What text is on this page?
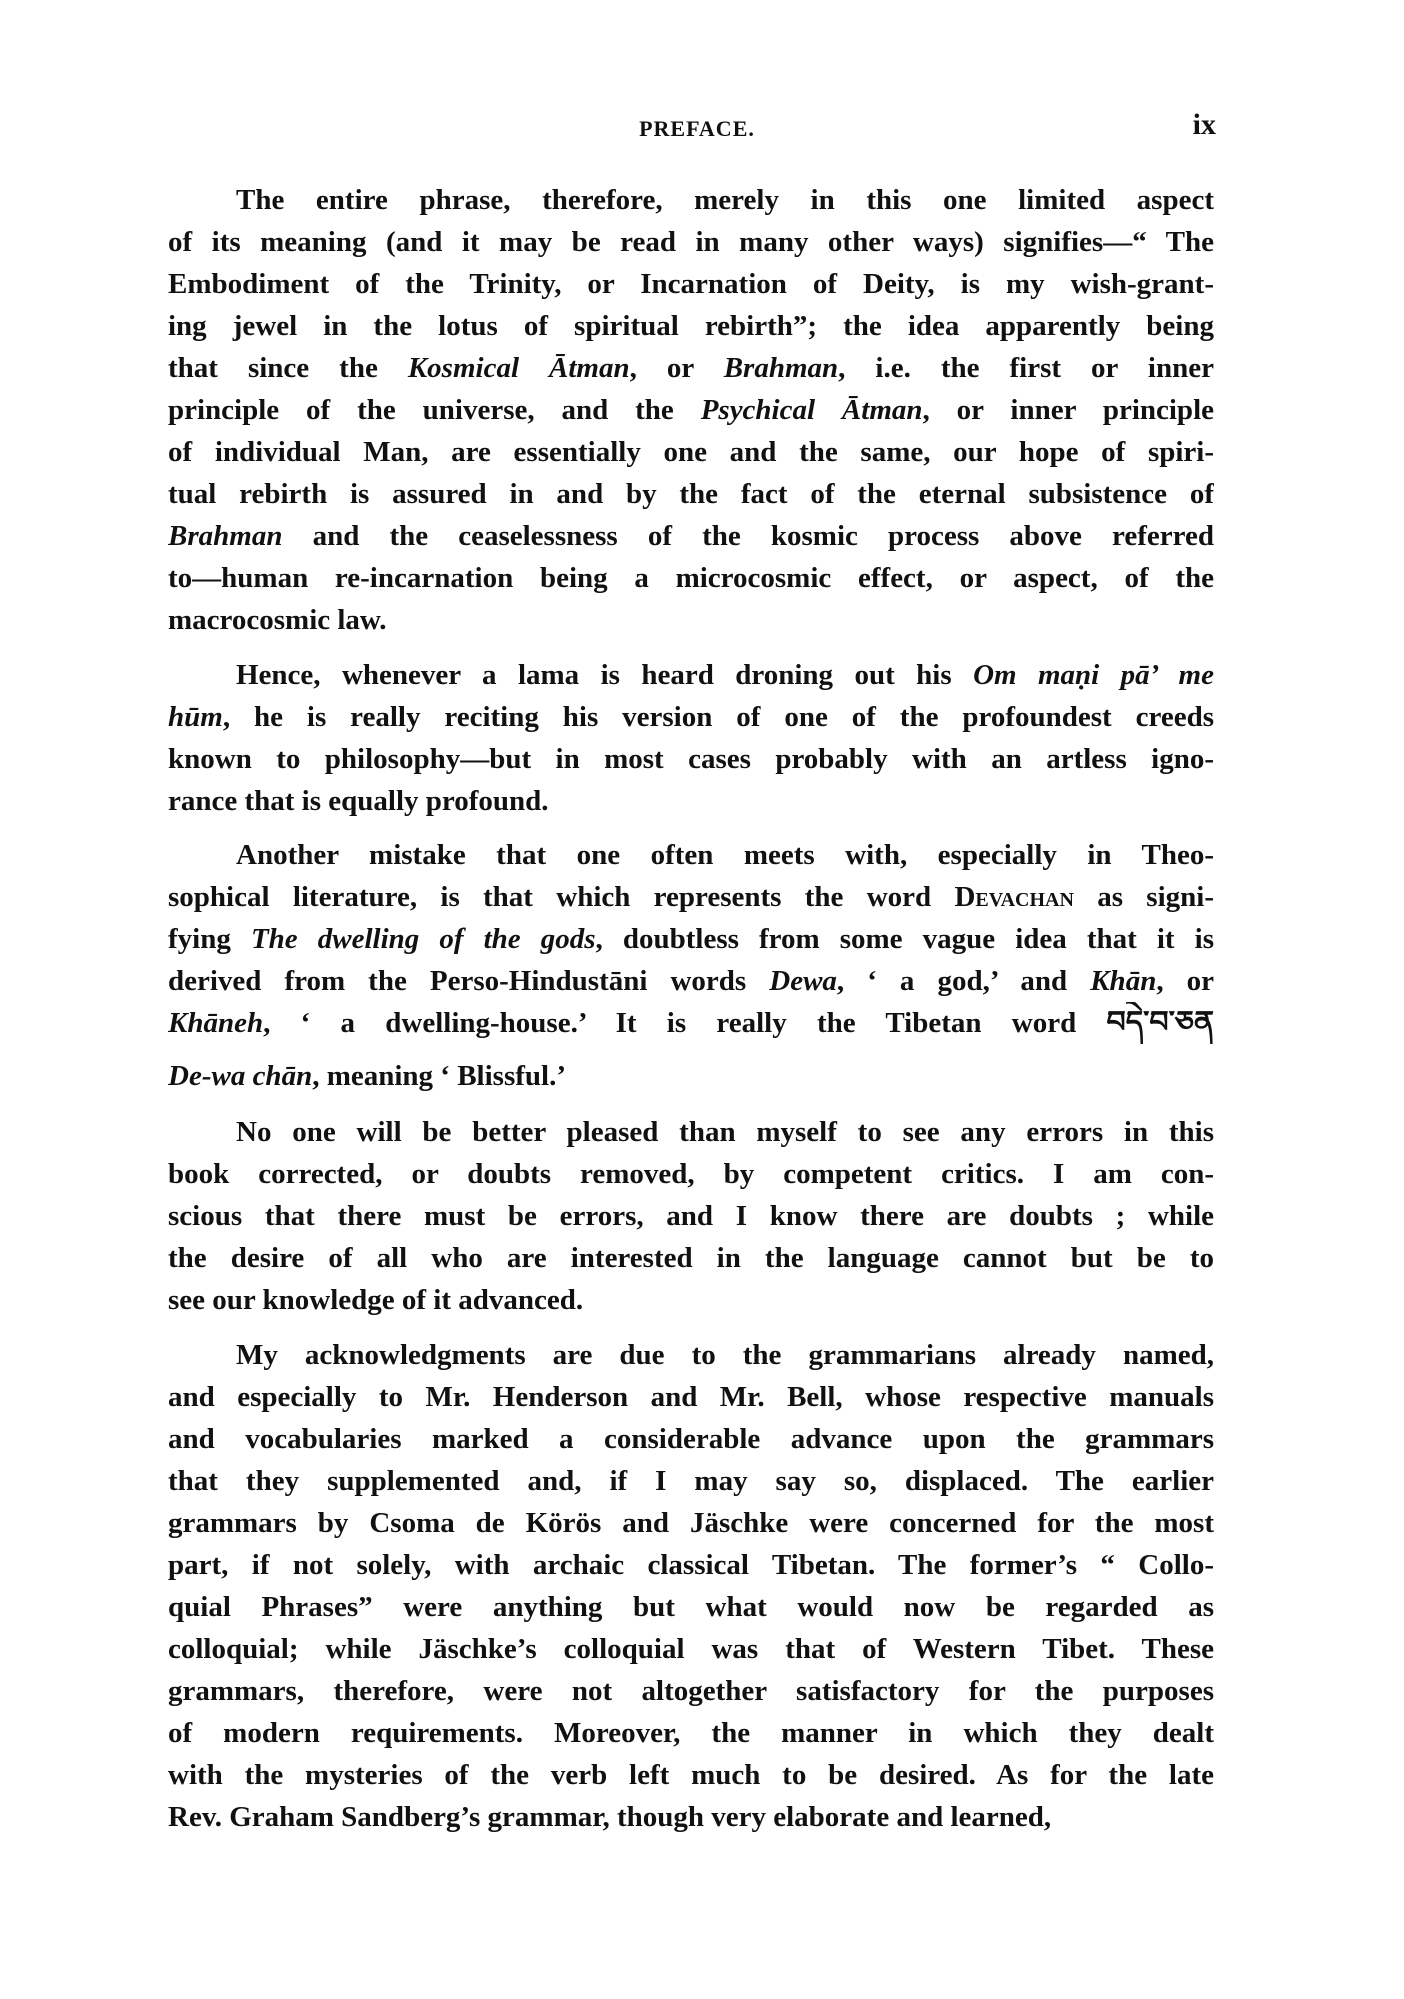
PREFACE.	ix
The entire phrase, therefore, merely in this one limited aspect
of its meaning (and it may be read in many other ways) signifies—“ The
Embodiment of the Trinity, or Incarnation of Deity, is my wish-grant-
ing jewel in the lotus of spiritual rebirth”; the idea apparently being
that since the Kosmical Ātman, or Brahman, i.e. the first or inner
principle of the universe, and the Psychical Ātman, or inner principle
of individual Man, are essentially one and the same, our hope of spiri-
tual rebirth is assured in and by the fact of the eternal subsistence of
Brahman and the ceaselessness of the kosmic process above referred
to—human re-incarnation being a microcosmic effect, or aspect, of the
macrocosmic law.
Hence, whenever a lama is heard droning out his Om maṇi pā’ me
hūm, he is really reciting his version of one of the profoundest creeds
known to philosophy—but in most cases probably with an artless igno-
rance that is equally profound.
Another mistake that one often meets with, especially in Theo-
sophical literature, is that which represents the word Devachan as signi-
fying The dwelling of the gods, doubtless from some vague idea that it is
derived from the Perso-Hindustāni words Dewa, ‘ a god,’ and Khān, or
Khāneh, ‘ a dwelling-house.’ It is really the Tibetan word བདེ་བ་ཅན
De-wa chān, meaning ‘ Blissful.’
No one will be better pleased than myself to see any errors in this
book corrected, or doubts removed, by competent critics. I am con-
scious that there must be errors, and I know there are doubts ; while
the desire of all who are interested in the language cannot but be to
see our knowledge of it advanced.
My acknowledgments are due to the grammarians already named,
and especially to Mr. Henderson and Mr. Bell, whose respective manuals
and vocabularies marked a considerable advance upon the grammars
that they supplemented and, if I may say so, displaced. The earlier
grammars by Csoma de Körös and Jäschke were concerned for the most
part, if not solely, with archaic classical Tibetan. The former’s “ Collo-
quial Phrases” were anything but what would now be regarded as
colloquial; while Jäschke’s colloquial was that of Western Tibet. These
grammars, therefore, were not altogether satisfactory for the purposes
of modern requirements. Moreover, the manner in which they dealt
with the mysteries of the verb left much to be desired. As for the late
Rev. Graham Sandberg’s grammar, though very elaborate and learned,
